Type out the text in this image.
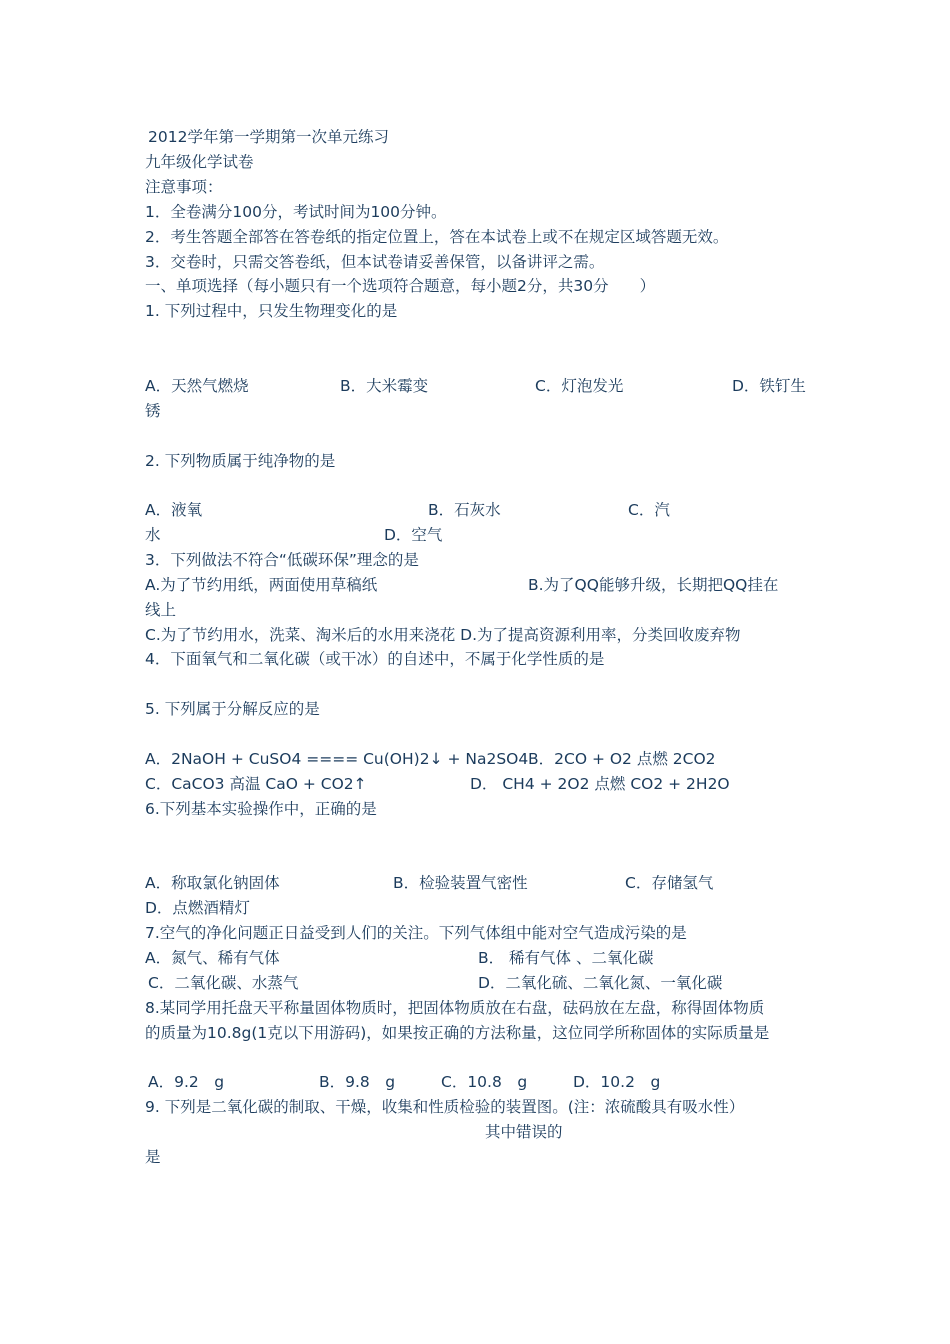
2012学年第一学期第一次单元练习
九年级化学试卷
注意事项：
1．全卷满分100分，考试时间为100分钟。
2．考生答题全部答在答卷纸的指定位置上，答在本试卷上或不在规定区域答题无效。
3．交卷时，只需交答卷纸，但本试卷请妥善保管，以备讲评之需。
一、单项选择（每小题只有一个选项符合题意，每小题2分，共30分　　）
1. 下列过程中，只发生物理变化的是
A．天然气燃烧	B．大米霉变	C．灯泡发光	D．铁钉生
锈
2. 下列物质属于纯净物的是
A．液氧	B．石灰水	C．汽
水	D．空气
3．下列做法不符合“低碳环保”理念的是
A.为了节约用纸，两面使用草稿纸	B.为了QQ能够升级，长期把QQ挂在
线上
C.为了节约用水，洗菜、淘米后的水用来浇花 D.为了提高资源利用率，分类回收废弃物
4．下面氧气和二氧化碳（或干冰）的自述中，不属于化学性质的是
5. 下列属于分解反应的是
A．2NaOH + CuSO4 ==== Cu(OH)2↓ + Na2SO4 B．2CO + O2 点燃 2CO2
C．CaCO3 高温 CaO + CO2↑	D． CH4 + 2O2 点燃 CO2 + 2H2O
6.下列基本实验操作中，正确的是
A．称取氯化钠固体	B．检验装置气密性	C．存储氢气
D．点燃酒精灯
7.空气的净化问题正日益受到人们的关注。下列气体组中能对空气造成污染的是
A．氮气、稀有气体	B． 稀有气体 、二氧化碳
C．二氧化碳、水蒸气	D．二氧化硫、二氧化氮、一氧化碳
8.某同学用托盘天平称量固体物质时，把固体物质放在右盘，砝码放在左盘，称得固体物质
的质量为10.8g(1克以下用游码)，如果按正确的方法称量，这位同学所称固体的实际质量是
A．9.2　g	B．9.8　g	C．10.8　g	D．10.2　g
9. 下列是二氧化碳的制取、干燥，收集和性质检验的装置图。(注：浓硫酸具有吸水性）
其中错误的
是
